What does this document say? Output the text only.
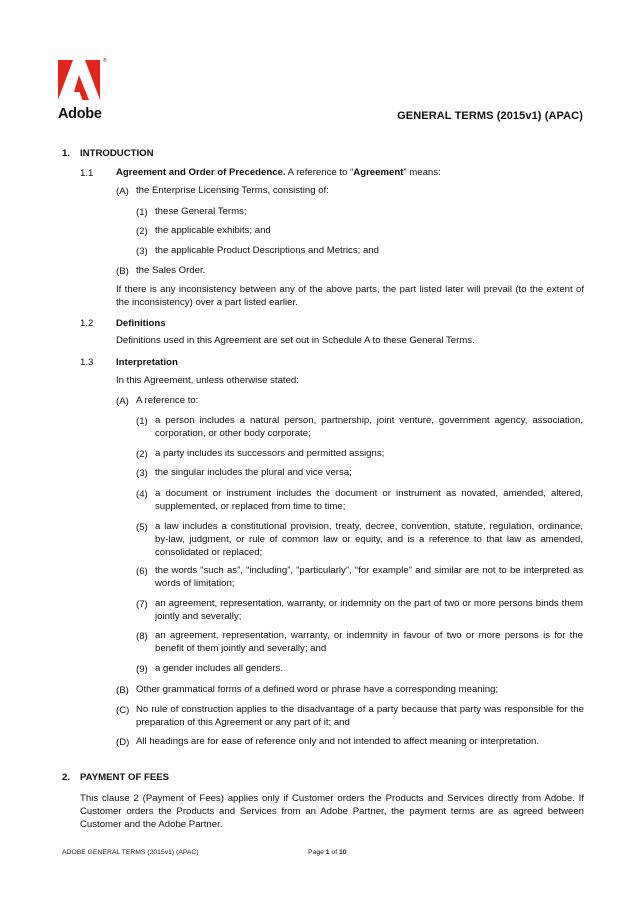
®
Adobe	GENERAL TERMS (2015v1) (APAC)
1. INTRODUCTION
1.1 Agreement and Order of Precedence. A reference to “Agreement” means:
(A) the Enterprise Licensing Terms, consisting of:
(1) these General Terms;
(2) the applicable exhibits; and
(3) the applicable Product Descriptions and Metrics; and
(B) the Sales Order.
If there is any inconsistency between any of the above parts, the part listed later will prevail (to the extent of the inconsistency) over a part listed earlier.
1.2 Definitions
Definitions used in this Agreement are set out in Schedule A to these General Terms.
1.3 Interpretation
In this Agreement, unless otherwise stated:
(A) A reference to:
(1) a person includes a natural person, partnership, joint venture, government agency, association, corporation, or other body corporate;
(2) a party includes its successors and permitted assigns;
(3) the singular includes the plural and vice versa;
(4) a document or instrument includes the document or instrument as novated, amended, altered, supplemented, or replaced from time to time;
(5) a law includes a constitutional provision, treaty, decree, convention, statute, regulation, ordinance, by-law, judgment, or rule of common law or equity, and is a reference to that law as amended, consolidated or replaced;
(6) the words “such as”, “including”, “particularly”, “for example” and similar are not to be interpreted as words of limitation;
(7) an agreement, representation, warranty, or indemnity on the part of two or more persons binds them jointly and severally;
(8) an agreement, representation, warranty, or indemnity in favour of two or more persons is for the benefit of them jointly and severally; and
(9) a gender includes all genders.
(B) Other grammatical forms of a defined word or phrase have a corresponding meaning;
(C) No rule of construction applies to the disadvantage of a party because that party was responsible for the preparation of this Agreement or any part of it; and
(D) All headings are for ease of reference only and not intended to affect meaning or interpretation.
2. PAYMENT OF FEES
This clause 2 (Payment of Fees) applies only if Customer orders the Products and Services directly from Adobe. If Customer orders the Products and Services from an Adobe Partner, the payment terms are as agreed between Customer and the Adobe Partner.
ADOBE GENERAL TERMS (2015v1) (APAC)	Page 1 of 10
